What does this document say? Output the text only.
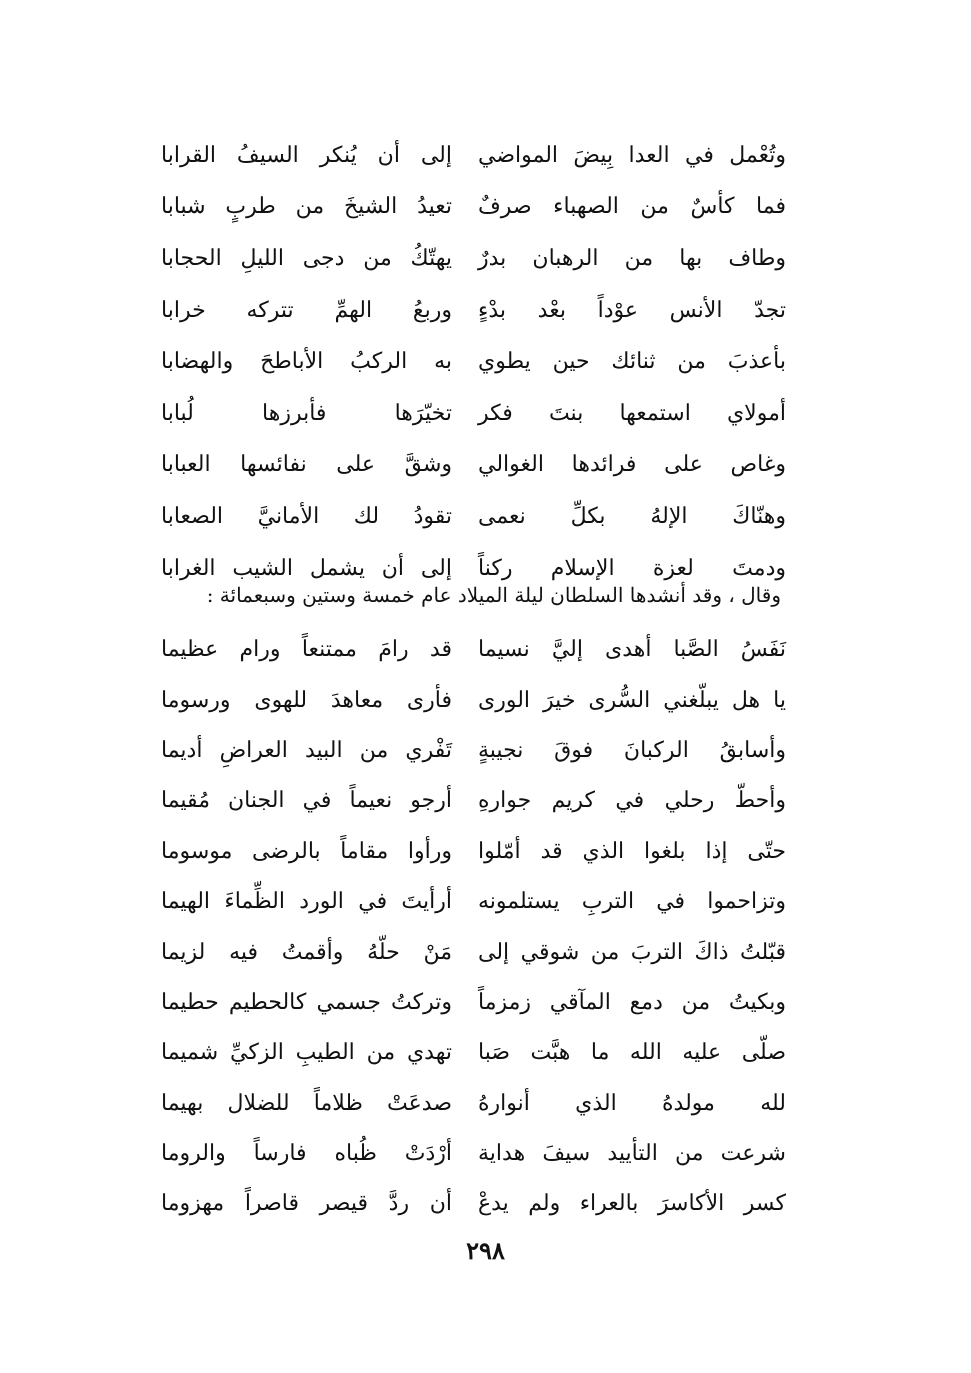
وتُعْمل في العدا بِيضَ المواضي
إلى أن يُنكر السيفُ القرابا
فما كأسٌ من الصهباء صرفٌ
تعيدُ الشيخَ من طربٍ شبابا
وطاف بها من الرهبان بدرٌ
يهتّكُ من دجى الليلِ الحجابا
تجدّ الأنس عوْداً بعْد بدْءٍ
وربعُ الهمِّ تتركه خرابا
بأعذبَ من ثنائك حين يطوي
به الركبُ الأباطحَ والهضابا
أمولاي استمعها بنتَ فكر
تخيّرَها فأبرزها لُبابا
وغاص على فرائدها الغوالي
وشقَّ على نفائسها العبابا
وهنّاكَ الإلهُ بكلِّ نعمى
تقودُ لك الأمانيَّ الصعابا
ودمتَ لعزة الإسلام ركناً
إلى أن يشمل الشيب الغرابا
وقال ، وقد أنشدها السلطان ليلة الميلاد عام خمسة وستين وسبعمائة :
نَفَسُ الصَّبا أهدى إليَّ نسيما
قد رامَ ممتنعاً ورام عظيما
يا هل يبلّغني السُّرى خيرَ الورى
فأرى معاهدَ للهوى ورسوما
وأسابقُ الركبانَ فوقَ نجيبةٍ
تَفْري من البيد العراضِ أديما
وأحطّ رحلي في كريم جوارهِ
أرجو نعيماً في الجنان مُقيما
حتّى إذا بلغوا الذي قد أمّلوا
ورأوا مقاماً بالرضى موسوما
وتزاحموا في التربِ يستلمونه
أرأيتَ في الورد الظِّماءَ الهيما
قبّلتُ ذاكَ التربَ من شوقي إلى
مَنْ حلّهُ وأقمتُ فيه لزيما
وبكيتُ من دمع المآقي زمزماً
وتركتُ جسمي كالحطيم حطيما
صلّى عليه الله ما هبَّت صَبا
تهدي من الطيبِ الزكيِّ شميما
لله مولدهُ الذي أنوارهُ
صدعَتْ ظلاماً للضلال بهيما
شرعت من التأييد سيفَ هداية
أرْدَتْ ظُباه فارساً والروما
كسر الأكاسرَ بالعراء ولم يدعْ
أن ردَّ قيصر قاصراً مهزوما
٢٩٨
